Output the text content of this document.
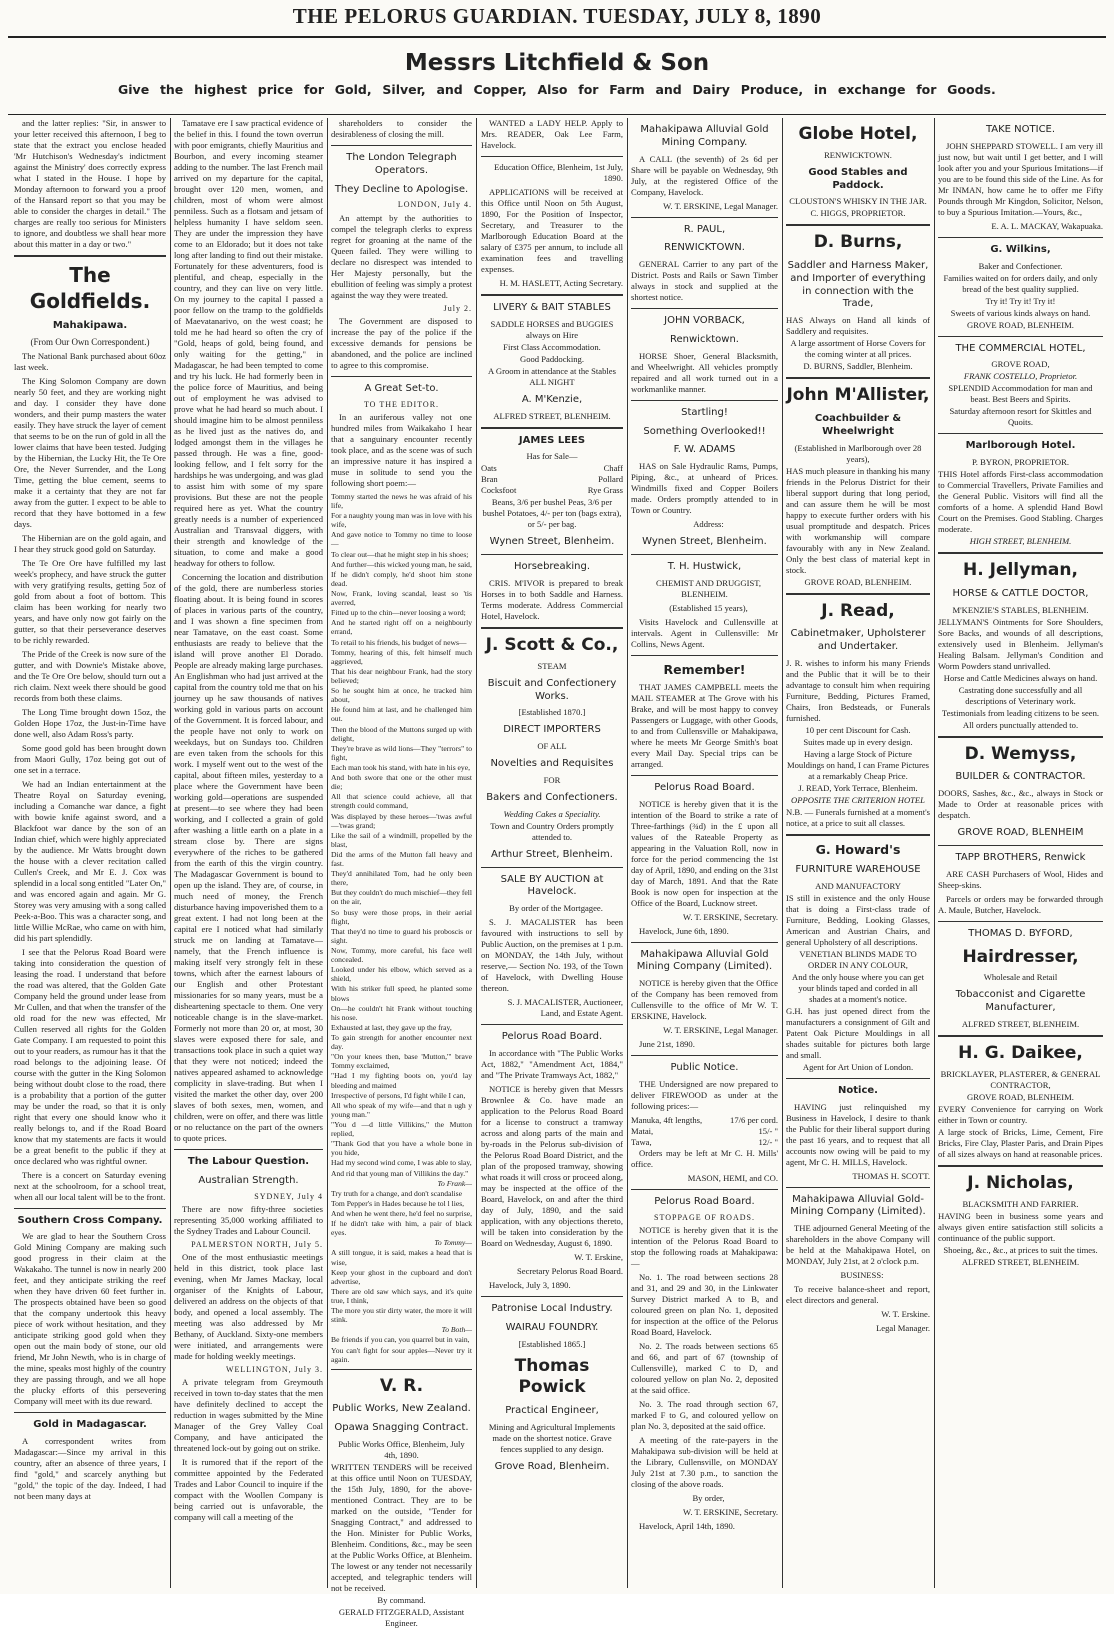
THE PELORUS GUARDIAN. TUESDAY, JULY 8, 1890
Messrs Litchfield & Son
Give the highest price for Gold, Silver, and Copper, Also for Farm and Dairy Produce, in exchange for Goods.

and the latter replies: "Sir, in answer to your letter received this afternoon, I beg to state that the extract you enclose headed 'Mr Hutchison's Wednesday's indictment against the Ministry' does correctly express what I stated in the House. I hope by Monday afternoon to forward you a proof of the Hansard report so that you may be able to consider the charges in detail." The charges are really too serious for Ministers to ignore, and doubtless we shall hear more about this matter in a day or two."

The Goldfields.
Mahakipawa.
(From Our Own Correspondent.)

The National Bank purchased about 60oz last week.

The King Solomon Company are down nearly 50 feet, and they are working night and day. I consider they have done wonders, and their pump masters the water easily. They have struck the layer of cement that seems to be on the run of gold in all the lower claims that have been tested. Judging by the Hibernian, the Lucky Hit, the Te Ore Ore, the Never Surrender, and the Long Time, getting the blue cement, seems to make it a certainty that they are not far away from the gutter. I expect to be able to record that they have bottomed in a few days.

The Hibernian are on the gold again, and I hear they struck good gold on Saturday.

The Te Ore Ore have fulfilled my last week's prophecy, and have struck the gutter with very gratifying results, getting 5oz of gold from about a foot of bottom. This claim has been working for nearly two years, and have only now got fairly on the gutter, so that their perseverance deserves to be richly rewarded.

The Pride of the Creek is now sure of the gutter, and with Downie's Mistake above, and the Te Ore Ore below, should turn out a rich claim. Next week there should be good records from both these claims.

The Long Time brought down 15oz, the Golden Hope 17oz, the Just-in-Time have done well, also Adam Ross's party.

Some good gold has been brought down from Maori Gully, 17oz being got out of one set in a terrace.

We had an Indian entertainment at the Theatre Royal on Saturday evening, including a Comanche war dance, a fight with bowie knife against sword, and a Blackfoot war dance by the son of an Indian chief, which were highly appreciated by the audience. Mr Watts brought down the house with a clever recitation called Cullen's Creek, and Mr E. J. Cox was splendid in a local song entitled "Later On," and was encored again and again. Mr G. Storey was very amusing with a song called Peek-a-Boo. This was a character song, and little Willie McRae, who came on with him, did his part splendidly.

I see that the Pelorus Road Board were taking into consideration the question of leasing the road. I understand that before the road was altered, that the Golden Gate Company held the ground under lease from Mr Cullen, and that when the transfer of the old road for the new was effected, Mr Cullen reserved all rights for the Golden Gate Company. I am requested to point this out to your readers, as rumour has it that the road belongs to the adjoining lease. Of course with the gutter in the King Solomon being without doubt close to the road, there is a probability that a portion of the gutter may be under the road, so that it is only right that every one should know who it really belongs to, and if the Road Board know that my statements are facts it would be a great benefit to the public if they at once declared who was rightful owner.

There is a concert on Saturday evening next at the schoolroom, for a school treat, when all our local talent will be to the front.

Southern Cross Company.

We are glad to hear the Southern Cross Gold Mining Company are making such good progress in their claim at the Wakakaho. The tunnel is now in nearly 200 feet, and they anticipate striking the reef when they have driven 60 feet further in. The prospects obtained have been so good that the company undertook this heavy piece of work without hesitation, and they anticipate striking good gold when they open out the main body of stone, our old friend, Mr John Newth, who is in charge of the mine, speaks most highly of the country they are passing through, and we all hope the plucky efforts of this persevering Company will meet with its due reward.

Gold in Madagascar.

A correspondent writes from Madagascar:—Since my arrival in this country, after an absence of three years, I find "gold," and scarcely anything but "gold," the topic of the day. Indeed, I had not been many days at

Tamatave ere I saw practical evidence of the belief in this. I found the town overrun with poor emigrants, chiefly Mauritius and Bourbon, and every incoming steamer adding to the number. The last French mail arrived on my departure for the capital, brought over 120 men, women, and children, most of whom were almost penniless. Such as a flotsam and jetsam of helpless humanity I have seldom seen. They are under the impression they have come to an Eldorado; but it does not take long after landing to find out their mistake. Fortunately for these adventurers, food is plentiful, and cheap, especially in the country, and they can live on very little. On my journey to the capital I passed a poor fellow on the tramp to the goldfields of Maevatanarivo, on the west coast; he told me he had heard so often the cry of "Gold, heaps of gold, being found, and only waiting for the getting," in Madagascar, he had been tempted to come and try his luck. He had formerly been in the police force of Mauritius, and being out of employment he was advised to prove what he had heard so much about. I should imagine him to be almost penniless as he lived just as the natives do, and lodged amongst them in the villages he passed through. He was a fine, good-looking fellow, and I felt sorry for the hardships he was undergoing, and was glad to assist him with some of my spare provisions. But these are not the people required here as yet. What the country greatly needs is a number of experienced Australian and Transvaal diggers, with their strength and knowledge of the situation, to come and make a good headway for others to follow.

Concerning the location and distribution of the gold, there are numberless stories floating about. It is being found in scores of places in various parts of the country, and I was shown a fine specimen from near Tamatave, on the east coast. Some enthusiasts are ready to believe that the island will prove another El Dorado. People are already making large purchases. An Englishman who had just arrived at the capital from the country told me that on his journey up he saw thousands of natives working gold in various parts on account of the Government. It is forced labour, and the people have not only to work on weekdays, but on Sundays too. Children are even taken from the schools for this work. I myself went out to the west of the capital, about fifteen miles, yesterday to a place where the Government have been working gold—operations are suspended at present—to see where they had been working, and I collected a grain of gold after washing a little earth on a plate in a stream close by. There are signs everywhere of the riches to be gathered from the earth of this the virgin country. The Madagascar Government is bound to open up the island. They are, of course, in much need of money, the French disturbance having impoverished them to a great extent. I had not long been at the capital ere I noticed what had similarly struck me on landing at Tamatave—namely, that the French influence is making itself very strongly felt in these towns, which after the earnest labours of our English and other Protestant missionaries for so many years, must be a disheartening spectacle to them. One very noticeable change is in the slave-market. Formerly not more than 20 or, at most, 30 slaves were exposed there for sale, and transactions took place in such a quiet way that they were not noticed; indeed the natives appeared ashamed to acknowledge complicity in slave-trading. But when I visited the market the other day, over 200 slaves of both sexes, men, women, and children, were on offer, and there was little or no reluctance on the part of the owners to quote prices.

The Labour Question.
Australian Strength.
SYDNEY, July 4

There are now fifty-three societies representing 35,000 working affiliated to the Sydney Trades and Labour Council.

PALMERSTON NORTH, July 5.

One of the most enthusiastic meetings held in this district, took place last evening, when Mr James Mackay, local organiser of the Knights of Labour, delivered an address on the objects of that body, and opened a local assembly. The meeting was also addressed by Mr Bethany, of Auckland. Sixty-one members were initiated, and arrangements were made for holding weekly meetings.

WELLINGTON, July 3.

A private telegram from Greymouth received in town to-day states that the men have definitely declined to accept the reduction in wages submitted by the Mine Manager of the Grey Valley Coal Company, and have anticipated the threatened lock-out by going out on strike.

It is rumored that if the report of the committee appointed by the Federated Trades and Labor Council to inquire if the compact with the Woollen Company is being carried out is unfavorable, the company will call a meeting of the

shareholders to consider the desirableness of closing the mill.

The London Telegraph Operators.
They Decline to Apologise.
LONDON, July 4.

An attempt by the authorities to compel the telegraph clerks to express regret for groaning at the name of the Queen failed. They were willing to declare no disrespect was intended to Her Majesty personally, but the ebullition of feeling was simply a protest against the way they were treated.

July 2.

The Government are disposed to increase the pay of the police if the excessive demands for pensions be abandoned, and the police are inclined to agree to this compromise.

A Great Set-to.
TO THE EDITOR.

In an auriferous valley not one hundred miles from Waikakaho I hear that a sanguinary encounter recently took place, and as the scene was of such an impressive nature it has inspired a muse in solitude to send you the following short poem:—

Tommy started the news he was afraid of his life,

For a naughty young man was in love with his wife,

And gave notice to Tommy no time to loose—

To clear out—that he might step in his shoes;

And further—this wicked young man, he said,

If he didn't comply, he'd shoot him stone dead.

Now, Frank, loving scandal, least so 'tis averred,

Fitted up to the chin—never loosing a word;

And he started right off on a neighbourly errand,

To retail to his friends, his budget of news—

Tommy, hearing of this, felt himself much aggrieved,

That his dear neighbour Frank, had the story believed;

So he sought him at once, he tracked him about,

He found him at last, and he challenged him out.

Then the blood of the Muttons surged up with delight,

They're brave as wild lions—They "terrors" to fight,

Each man took his stand, with hate in his eye,

And both swore that one or the other must die;

All that science could achieve, all that strength could command,

Was displayed by these heroes—'twas awful—'twas grand;

Like the sail of a windmill, propelled by the blast,

Did the arms of the Mutton fall heavy and fast.

They'd annihilated Tom, had he only been there,

But they couldn't do much mischief—they fell on the air,

So busy were those props, in their aerial flight,

That they'd no time to guard his proboscis or sight.

Now, Tommy, more careful, his face well concealed.

Looked under his elbow, which served as a shield,

With his striker full speed, he planted some blows

On—he couldn't hit Frank without touching his nose.

Exhausted at last, they gave up the fray,

To gain strength for another encounter next day.

"On your knees then, base 'Mutton,'" brave Tommy exclaimed,

"Had I my fighting boots on, you'd lay bleeding and maimed

Irrespective of persons, I'd fight while I can,

All who speak of my wife—and that n ugh y young man."

"You d —d little Villikins," the Mutton replied,

"Thank God that you have a whole bone in you hide,

Had my second wind come, I was able to slay,

And rid that young man of Villikins the day."

To Frank—

Try truth for a change, and don't scandalise

Tom Pepper's in Hades because he tol l lies,

And when he went there, he'd feel no surprise,

If he didn't take with him, a pair of black eyes.

To Tommy—

A still tongue, it is said, makes a head that is wise,

Keep your ghost in the cupboard and don't advertise,

There are old saw which says, and it's quite true, I think,

The more you stir dirty water, the more it will stink.

To Both—

Be friends if you can, you quarrel but in vain,

You can't fight for sour apples—Never try it again.

V. R.
Public Works, New Zealand.
Opawa Snagging Contract.

Public Works Office, Blenheim, July 4th, 1890.

WRITTEN TENDERS will be received at this office until Noon on TUESDAY, the 15th July, 1890, for the above-mentioned Contract. They are to be marked on the outside, "Tender for Snagging Contract," and addressed to the Hon. Minister for Public Works, Blenheim. Conditions, &c., may be seen at the Public Works Office, at Blenheim. The lowest or any tender not necessarily accepted, and telegraphic tenders will not be received.

By command.

GERALD FITZGERALD, Assistant Engineer.

WANTED a LADY HELP. Apply to Mrs. READER, Oak Lee Farm, Havelock.

Education Office, Blenheim, 1st July, 1890.

APPLICATIONS will be received at this Office until Noon on 5th August, 1890, For the Position of Inspector, Secretary, and Treasurer to the Marlborough Education Board at the salary of £375 per annum, to include all examination fees and travelling expenses.

H. M. HASLETT, Acting Secretary.

LIVERY & BAIT STABLES

SADDLE HORSES and BUGGIES always on Hire

First Class Accommodation.

Good Paddocking.

A Groom in attendance at the Stables ALL NIGHT

A. M'Kenzie,

ALFRED STREET, BLENHEIM.

JAMES LEES

Has for Sale—

Oats	Chaff
Bran	Pollard
Cocksfoot	Rye Grass

Beans, 3/6 per bushel Peas, 3/6 per bushel Potatoes, 4/- per ton (bags extra), or 5/- per bag.

Wynen Street, Blenheim.
Horsebreaking.

CRIS. M'IVOR is prepared to break Horses in to both Saddle and Harness. Terms moderate. Address Commercial Hotel, Havelock.

J. Scott & Co.,

STEAM

Biscuit and Confectionery Works.

[Established 1870.]

DIRECT IMPORTERS

OF ALL

Novelties and Requisites

FOR

Bakers and Confectioners.

Wedding Cakes a Speciality.

Town and Country Orders promptly attended to.

Arthur Street, Blenheim.
SALE BY AUCTION at Havelock.

By order of the Mortgagee.

S. J. MACALISTER has been favoured with instructions to sell by Public Auction, on the premises at 1 p.m. on MONDAY, the 14th July, without reserve,— Section No. 193, of the Town of Havelock, with Dwelling House thereon.

S. J. MACALISTER, Auctioneer, Land, and Estate Agent.

Pelorus Road Board.

In accordance with "The Public Works Act, 1882," "Amendment Act, 1884," and "The Private Tramways Act, 1882,"

NOTICE is hereby given that Messrs Brownlee & Co. have made an application to the Pelorus Road Board for a license to construct a tramway across and along parts of the main and by-roads in the Pelorus sub-division of the Pelorus Road Board District, and the plan of the proposed tramway, showing what roads it will cross or proceed along, may be inspected at the office of the Board, Havelock, on and after the third day of July, 1890, and the said application, with any objections thereto, will be taken into consideration by the Board on Wednesday, August 6, 1890.

W. T. Erskine,

Secretary Pelorus Road Board.

Havelock, July 3, 1890.

Patronise Local Industry.
WAIRAU FOUNDRY.

[Established 1865.]

Thomas Powick
Practical Engineer,

Mining and Agricultural Implements made on the shortest notice. Grave fences supplied to any design.

Grove Road, Blenheim.
Mahakipawa Alluvial Gold Mining Company.

A CALL (the seventh) of 2s 6d per Share will be payable on Wednesday, 9th July, at the registered Office of the Company, Havelock.

W. T. ERSKINE, Legal Manager.

R. PAUL,
RENWICKTOWN.

GENERAL Carrier to any part of the District. Posts and Rails or Sawn Timber always in stock and supplied at the shortest notice.

JOHN VORBACK,
Renwicktown.

HORSE Shoer, General Blacksmith, and Wheelwright. All vehicles promptly repaired and all work turned out in a workmanlike manner.

Startling!
Something Overlooked!!
F. W. ADAMS

HAS on Sale Hydraulic Rams, Pumps, Piping, &c., at unheard of Prices. Windmills fixed and Copper Boilers made. Orders promptly attended to in Town or Country.

Address:

Wynen Street, Blenheim.
T. H. Hustwick,

CHEMIST AND DRUGGIST, BLENHEIM.

(Established 15 years),

Visits Havelock and Cullensville at intervals. Agent in Cullensville: Mr Collins, News Agent.

Remember!

THAT JAMES CAMPBELL meets the MAIL STEAMER at The Grove with his Brake, and will be most happy to convey Passengers or Luggage, with other Goods, to and from Cullensville or Mahakipawa, where he meets Mr George Smith's boat every Mail Day. Special trips can be arranged.

Pelorus Road Board.

NOTICE is hereby given that it is the intention of the Board to strike a rate of Three-farthings (¾d) in the £ upon all values of the Rateable Property as appearing in the Valuation Roll, now in force for the period commencing the 1st day of April, 1890, and ending on the 31st day of March, 1891. And that the Rate Book is now open for inspection at the Office of the Board, Lucknow street.

W. T. ERSKINE, Secretary.

Havelock, June 6th, 1890.

Mahakipawa Alluvial Gold Mining Company (Limited).

NOTICE is hereby given that the Office of the Company has been removed from Cullensville to the office of Mr W. T. ERSKINE, Havelock.

W. T. ERSKINE, Legal Manager.

June 21st, 1890.

Public Notice.

THE Undersigned are now prepared to deliver FIREWOOD as under at the following prices:—

Manuka, 4ft lengths,	17/6 per cord.
Matai,	15/- "
Tawa,	12/- "

Orders may be left at Mr C. H. Mills' office.

MASON, HEMI, and CO.

Pelorus Road Board.
STOPPAGE OF ROADS.

NOTICE is hereby given that it is the intention of the Pelorus Road Board to stop the following roads at Mahakipawa:—

No. 1. The road between sections 28 and 31, and 29 and 30, in the Linkwater Survey District marked A to B, and coloured green on plan No. 1, deposited for inspection at the office of the Pelorus Road Board, Havelock.

No. 2. The roads between sections 65 and 66, and part of 67 (township of Cullensville), marked C to D, and coloured yellow on plan No. 2, deposited at the said office.

No. 3. The road through section 67, marked F to G, and coloured yellow on plan No. 3, deposited at the said office.

A meeting of the rate-payers in the Mahakipawa sub-division will be held at the Library, Cullensville, on MONDAY July 21st at 7.30 p.m., to sanction the closing of the above roads.

By order,

W. T. ERSKINE, Secretary.

Havelock, April 14th, 1890.

Globe Hotel,

RENWICKTOWN.

Good Stables and Paddock.

CLOUSTON'S WHISKY IN THE JAR.

C. HIGGS, PROPRIETOR.

D. Burns,
Saddler and Harness Maker, and Importer of everything in connection with the Trade,

HAS Always on Hand all kinds of Saddlery and requisites.

A large assortment of Horse Covers for the coming winter at all prices.

D. BURNS, Saddler, Blenheim.

John M'Allister,
Coachbuilder & Wheelwright

(Established in Marlborough over 28 years),

HAS much pleasure in thanking his many friends in the Pelorus District for their liberal support during that long period, and can assure them he will be most happy to execute further orders with his usual promptitude and despatch. Prices with workmanship will compare favourably with any in New Zealand. Only the best class of material kept in stock.

GROVE ROAD, BLENHEIM.

J. Read,
Cabinetmaker, Upholsterer and Undertaker.

J. R. wishes to inform his many Friends and the Public that it will be to their advantage to consult him when requiring Furniture, Bedding, Pictures Framed, Chairs, Iron Bedsteads, or Funerals furnished.

10 per cent Discount for Cash.

Suites made up in every design.

Having a large Stock of Picture Mouldings on hand, I can Frame Pictures at a remarkably Cheap Price.

J. READ, York Terrace, Blenheim.

OPPOSITE THE CRITERION HOTEL

N.B. — Funerals furnished at a moment's notice, at a price to suit all classes.

G. Howard's
FURNITURE WAREHOUSE

AND MANUFACTORY

IS still in existence and the only House that is doing a First-class trade of Furniture, Bedding, Looking Glasses, American and Austrian Chairs, and general Upholstery of all descriptions.

VENETIAN BLINDS MADE TO ORDER IN ANY COLOUR,

And the only house where you can get your blinds taped and corded in all shades at a moment's notice.

G.H. has just opened direct from the manufacturers a consignment of Gilt and Patent Oak Picture Mouldings in all shades suitable for pictures both large and small.

Agent for Art Union of London.

Notice.

HAVING just relinquished my Business in Havelock, I desire to thank the Public for their liberal support during the past 16 years, and to request that all accounts now owing will be paid to my agent, Mr C. H. MILLS, Havelock.

THOMAS H. SCOTT.

Mahakipawa Alluvial Gold-Mining Company (Limited).

THE adjourned General Meeting of the shareholders in the above Company will be held at the Mahakipawa Hotel, on MONDAY, July 21st, at 2 o'clock p.m.

BUSINESS:

To receive balance-sheet and report, elect directors and general.

W. T. Erskine.

Legal Manager.

TAKE NOTICE.

JOHN SHEPPARD STOWELL. I am very ill just now, but wait until I get better, and I will look after you and your Spurious Imitations—if you are to be found this side of the Line. As for Mr INMAN, how came he to offer me Fifty Pounds through Mr Kingdon, Solicitor, Nelson, to buy a Spurious Imitation.—Yours, &c.,

E. A. L. MACKAY, Wakapuaka.

G. Wilkins,

Baker and Confectioner.

Families waited on for orders daily, and only bread of the best quality supplied.

Try it! Try it! Try it!

Sweets of various kinds always on hand.

GROVE ROAD, BLENHEIM.

THE COMMERCIAL HOTEL,

GROVE ROAD,

FRANK COSTELLO, Proprietor.

SPLENDID Accommodation for man and beast. Best Beers and Spirits.

Saturday afternoon resort for Skittles and Quoits.

Marlborough Hotel.

P. BYRON, PROPRIETOR.

THIS Hotel affords First-class accommodation to Commercial Travellers, Private Families and the General Public. Visitors will find all the comforts of a home. A splendid Hand Bowl Court on the Premises. Good Stabling. Charges moderate.

HIGH STREET, BLENHEIM.

H. Jellyman,
HORSE & CATTLE DOCTOR,

M'KENZIE'S STABLES, BLENHEIM.

JELLYMAN'S Ointments for Sore Shoulders, Sore Backs, and wounds of all descriptions, extensively used in Blenheim. Jellyman's Healing Balsam. Jellyman's Condition and Worm Powders stand unrivalled.

Horse and Cattle Medicines always on hand.

Castrating done successfully and all descriptions of Veterinary work.

Testimonials from leading citizens to be seen.

All orders punctually attended to.

D. Wemyss,
BUILDER & CONTRACTOR.

DOORS, Sashes, &c., &c., always in Stock or Made to Order at reasonable prices with despatch.

GROVE ROAD, BLENHEIM
TAPP BROTHERS, Renwick

ARE CASH Purchasers of Wool, Hides and Sheep-skins.

Parcels or orders may be forwarded through A. Maule, Butcher, Havelock.

THOMAS D. BYFORD,
Hairdresser,

Wholesale and Retail

Tobacconist and Cigarette Manufacturer,

ALFRED STREET, BLENHEIM.

H. G. Daikee,

BRICKLAYER, PLASTERER, & GENERAL CONTRACTOR,

GROVE ROAD, BLENHEIM.

EVERY Convenience for carrying on Work either in Town or country.

A large stock of Bricks, Lime, Cement, Fire Bricks, Fire Clay, Plaster Paris, and Drain Pipes of all sizes always on hand at reasonable prices.

J. Nicholas,

BLACKSMITH AND FARRIER.

HAVING been in business some years and always given entire satisfaction still solicits a continuance of the public support.

Shoeing, &c., &c., at prices to suit the times.

ALFRED STREET, BLENHEIM.
